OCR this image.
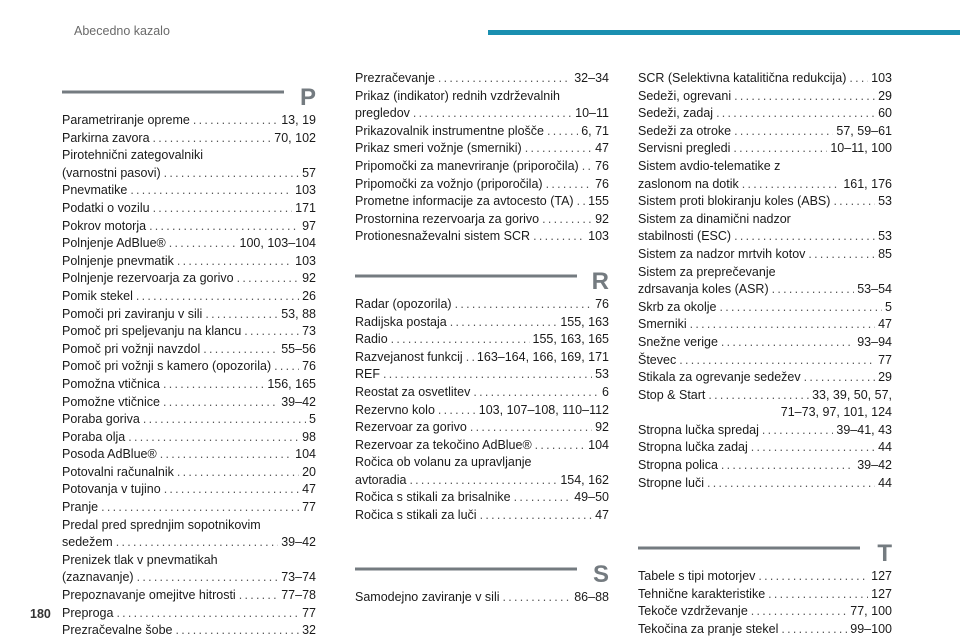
Abecedno kazalo
P
Parametriranje opreme . . .	13, 19
Parkirna zavora . . .	70, 102
Pirotehnični zategovalniki
(varnostni pasovi) . . .	57
Pnevmatike . . .	103
Podatki o vozilu . . .	171
Pokrov motorja . . .	97
Polnjenje AdBlue® . . .	100, 103–104
Polnjenje pnevmatik . . .	103
Polnjenje rezervoarja za gorivo . . .	92
Pomik stekel . . .	26
Pomoči pri zaviranju v sili . . .	53, 88
Pomoč pri speljevanju na klancu . . .	73
Pomoč pri vožnji navzdol . . .	55–56
Pomoč pri vožnji s kamero (opozorila) . . . 76
Pomožna vtičnica . . .	156, 165
Pomožne vtičnice . . .	39–42
Poraba goriva . . .	5
Poraba olja . . .	98
Posoda AdBlue® . . .	104
Potovalni računalnik . . .	20
Potovanja v tujino . . .	47
Pranje . . .	77
Predal pred sprednjim sopotnikovim
sedežem . . .	39–42
Prenizek tlak v pnevmatikah
(zaznavanje) . . .	73–74
Prepoznavanje omejitve hitrosti . . .	77–78
Preproga . . .	77
Prezračevalne šobe . . .	32
Prezračevanje . . .	32–34
Prikaz (indikator) rednih vzdrževalnih
pregledov . . .	10–11
Prikazovalnik instrumentne plošče . . .	6, 71
Prikaz smeri vožnje (smerniki) . . .	47
Pripomočki za manevriranje (priporočila) . . . 76
Pripomočki za vožnjo (priporočila) . . .	76
Prometne informacije za avtocesto (TA) . . . 155
Prostornina rezervoarja za gorivo . . .	92
Protionesnaževalni sistem SCR . . .	103
R
Radar (opozorila) . . .	76
Radijska postaja . . .	155, 163
Radio . . .	155, 163, 165
Razvejanost funkcij . . . 163–164, 166, 169, 171
REF . . .	53
Reostat za osvetlitev . . .	6
Rezervno kolo . . .	103, 107–108, 110–112
Rezervoar za gorivo . . .	92
Rezervoar za tekočino AdBlue® . . .	104
Ročica ob volanu za upravljanje
avtoradia . . .	154, 162
Ročica s stikali za brisalnike . . .	49–50
Ročica s stikali za luči . . .	47
S
Samodejno zaviranje v sili . . .	86–88
SCR (Selektivna katalitična redukcija) . . . 103
Sedeži, ogrevani . . .	29
Sedeži, zadaj . . .	60
Sedeži za otroke . . .	57, 59–61
Servisni pregledi . . .	10–11, 100
Sistem avdio-telematike z
zaslonom na dotik . . .	161, 176
Sistem proti blokiranju koles (ABS) . . .	53
Sistem za dinamični nadzor
stabilnosti (ESC) . . .	53
Sistem za nadzor mrtvih kotov . . .	85
Sistem za preprečevanje
zdrsavanja koles (ASR) . . .	53–54
Skrb za okolje . . .	5
Smerniki . . .	47
Snežne verige . . .	93–94
Števec . . .	77
Stikala za ogrevanje sedežev . . .	29
Stop & Start . . .	33, 39, 50, 57,
71–73, 97, 101, 124
Stropna lučka spredaj . . .	39–41, 43
Stropna lučka zadaj . . .	44
Stropna polica . . .	39–42
Stropne luči . . .	44
T
Tabele s tipi motorjev . . .	127
Tehnične karakteristike . . .	127
Tekoče vzdrževanje . . .	77, 100
Tekočina za pranje stekel . . .	99–100
180
